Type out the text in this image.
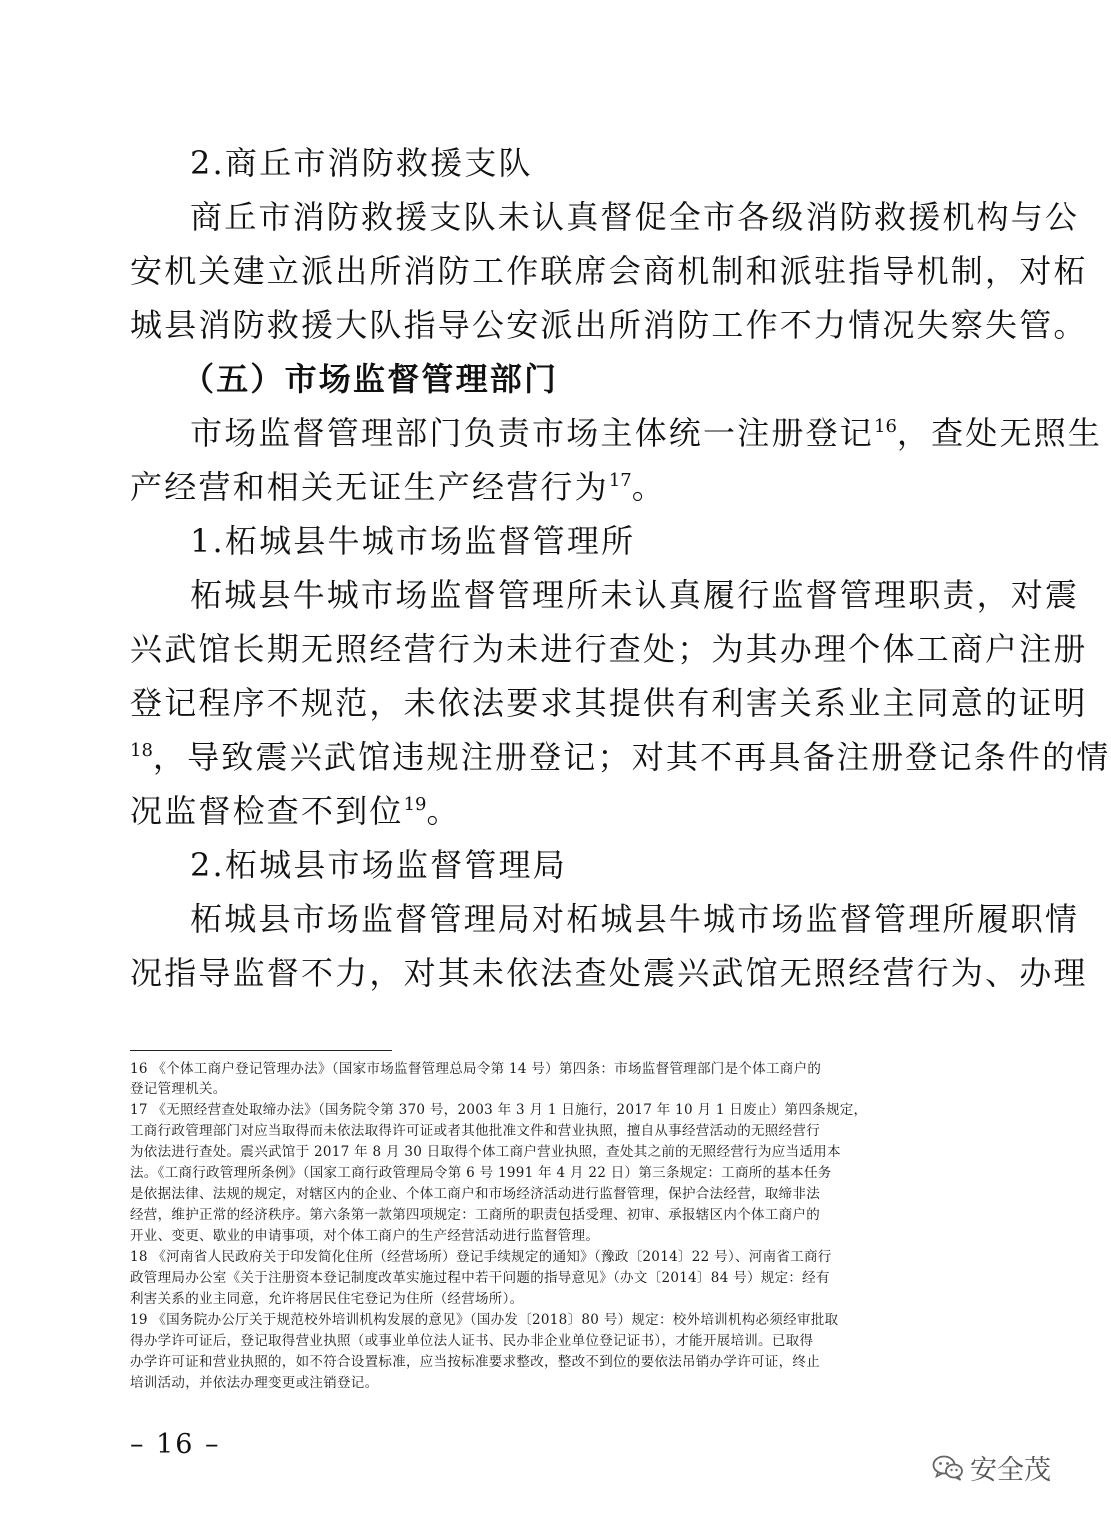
2.商丘市消防救援支队
商丘市消防救援支队未认真督促全市各级消防救援机构与公
安机关建立派出所消防工作联席会商机制和派驻指导机制，对柘
城县消防救援大队指导公安派出所消防工作不力情况失察失管。
（五）市场监督管理部门
市场监督管理部门负责市场主体统一注册登记$^{16}$，查处无照生
产经营和相关无证生产经营行为$^{17}$。
1.柘城县牛城市场监督管理所
柘城县牛城市场监督管理所未认真履行监督管理职责，对震
兴武馆长期无照经营行为未进行查处；为其办理个体工商户注册
登记程序不规范，未依法要求其提供有利害关系业主同意的证明
$^{18}$，导致震兴武馆违规注册登记；对其不再具备注册登记条件的情
况监督检查不到位$^{19}$。
2.柘城县市场监督管理局
柘城县市场监督管理局对柘城县牛城市场监督管理所履职情
况指导监督不力，对其未依法查处震兴武馆无照经营行为、办理
16 《个体工商户登记管理办法》（国家市场监督管理总局令第 14 号）第四条：市场监督管理部门是个体工商户的
登记管理机关。
17 《无照经营查处取缔办法》（国务院令第 370 号，2003 年 3 月 1 日施行，2017 年 10 月 1 日废止）第四条规定，
工商行政管理部门对应当取得而未依法取得许可证或者其他批准文件和营业执照，擅自从事经营活动的无照经营行
为依法进行查处。震兴武馆于 2017 年 8 月 30 日取得个体工商户营业执照，查处其之前的无照经营行为应当适用本
法。《工商行政管理所条例》（国家工商行政管理局令第 6 号 1991 年 4 月 22 日）第三条规定：工商所的基本任务
是依据法律、法规的规定，对辖区内的企业、个体工商户和市场经济活动进行监督管理，保护合法经营，取缔非法
经营，维护正常的经济秩序。第六条第一款第四项规定：工商所的职责包括受理、初审、承报辖区内个体工商户的
开业、变更、歇业的申请事项，对个体工商户的生产经营活动进行监督管理。
18 《河南省人民政府关于印发简化住所（经营场所）登记手续规定的通知》（豫政〔2014〕22 号）、河南省工商行
政管理局办公室《关于注册资本登记制度改革实施过程中若干问题的指导意见》（办文〔2014〕84 号）规定：经有
利害关系的业主同意，允许将居民住宅登记为住所（经营场所）。
19 《国务院办公厅关于规范校外培训机构发展的意见》（国办发〔2018〕80 号）规定：校外培训机构必须经审批取
得办学许可证后，登记取得营业执照（或事业单位法人证书、民办非企业单位登记证书），才能开展培训。已取得
办学许可证和营业执照的，如不符合设置标准，应当按标准要求整改，整改不到位的要依法吊销办学许可证，终止
培训活动，并依法办理变更或注销登记。
– 16 –
安全茂
